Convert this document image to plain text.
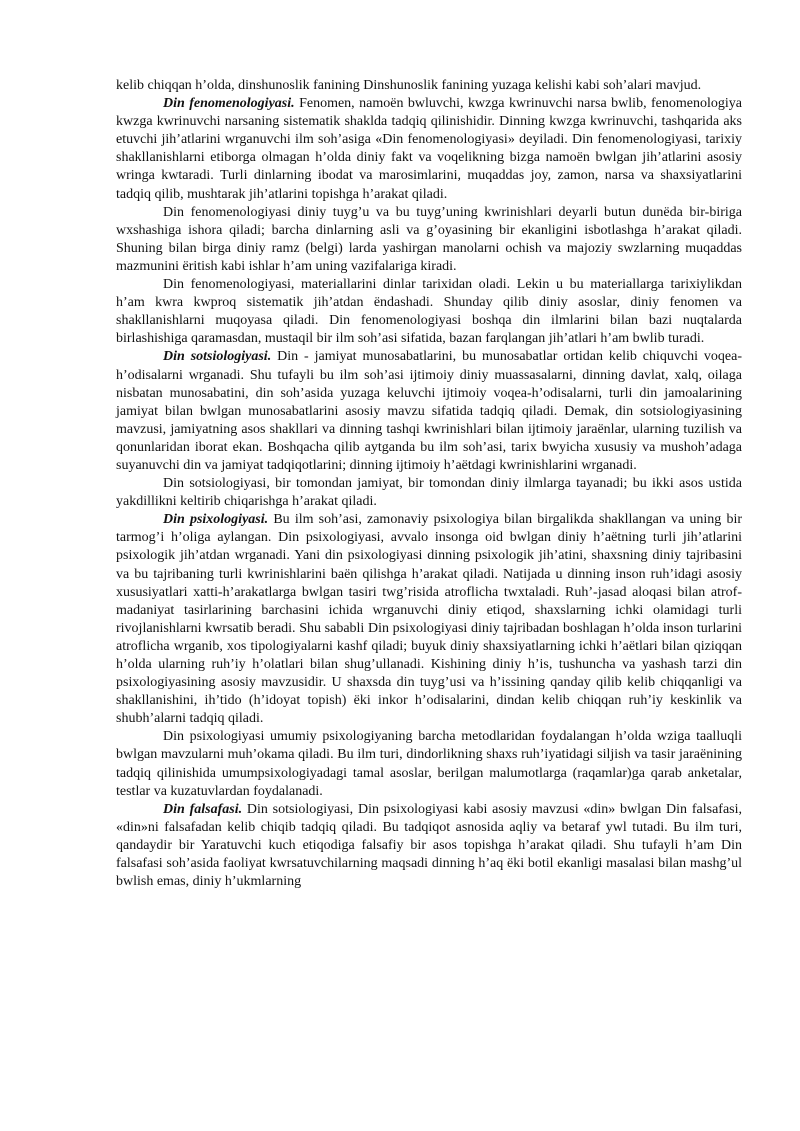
kelib chiqqan h’olda, dinshunoslik fanining Dinshunoslik fanining yuzaga kelishi kabi soh’alari mavjud.

Din fenomenologiyasi. Fenomen, namoёn bwluvchi, kwzga kwrinuvchi narsa bwlib, fenomenologiya kwzga kwrinuvchi narsaning sistematik shaklda tadqiq qilinishidir. Dinning kwzga kwrinuvchi, tashqarida aks etuvchi jih’atlarini wrganuvchi ilm soh’asiga «Din fenomenologiyasi» deyiladi. Din fenomenologiyasi, tarixiy shakllanishlarni etiborga olmagan h’olda diniy fakt va voqelikning bizga namoёn bwlgan jih’atlarini asosiy wringa kwtaradi. Turli dinlarning ibodat va marosimlarini, muqaddas joy, zamon, narsa va shaxsiyatlarini tadqiq qilib, mushtarak jih’atlarini topishga h’arakat qiladi.

Din fenomenologiyasi diniy tuyg’u va bu tuyg’uning kwrinishlari deyarli butun dunёda bir-biriga wxshashiga ishora qiladi; barcha dinlarning asli va g’oyasining bir ekanligini isbotlashga h’arakat qiladi. Shuning bilan birga diniy ramz (belgi) larda yashirgan manolarni ochish va majoziy swzlarning muqaddas mazmunini ёritish kabi ishlar h’am uning vazifalariga kiradi.

Din fenomenologiyasi, materiallarini dinlar tarixidan oladi. Lekin u bu materiallarga tarixiylikdan h’am kwra kwproq sistematik jih’atdan ёndashadi. Shunday qilib diniy asoslar, diniy fenomen va shakllanishlarni muqoyasa qiladi. Din fenomenologiyasi boshqa din ilmlarini bilan bazi nuqtalarda birlashishiga qaramasdan, mustaqil bir ilm soh’asi sifatida, bazan farqlangan jih’atlari h’am bwlib turadi.

Din sotsiologiyasi. Din - jamiyat munosabatlarini, bu munosabatlar ortidan kelib chiquvchi voqea-h’odisalarni wrganadi. Shu tufayli bu ilm soh’asi ijtimoiy diniy muassasalarni, dinning davlat, xalq, oilaga nisbatan munosabatini, din soh’asida yuzaga keluvchi ijtimoiy voqea-h’odisalarni, turli din jamoalarining jamiyat bilan bwlgan munosabatlarini asosiy mavzu sifatida tadqiq qiladi. Demak, din sotsiologiyasining mavzusi, jamiyatning asos shakllari va dinning tashqi kwrinishlari bilan ijtimoiy jaraёnlar, ularning tuzilish va qonunlaridan iborat ekan. Boshqacha qilib aytganda bu ilm soh’asi, tarix bwyicha xususiy va mushoh’adaga suyanuvchi din va jamiyat tadqiqotlarini; dinning ijtimoiy h’aёtdagi kwrinishlarini wrganadi.

Din sotsiologiyasi, bir tomondan jamiyat, bir tomondan diniy ilmlarga tayanadi; bu ikki asos ustida yakdillikni keltirib chiqarishga h’arakat qiladi.

Din psixologiyasi. Bu ilm soh’asi, zamonaviy psixologiya bilan birgalikda shakllangan va uning bir tarmog’i h’oliga aylangan. Din psixologiyasi, avvalo insonga oid bwlgan diniy h’aёtning turli jih’atlarini psixologik jih’atdan wrganadi. Yani din psixologiyasi dinning psixologik jih’atini, shaxsning diniy tajribasini va bu tajribaning turli kwrinishlarini baёn qilishga h’arakat qiladi. Natijada u dinning inson ruh’idagi asosiy xususiyatlari xatti-h’arakatlarga bwlgan tasiri twg’risida atroflicha twxtaladi. Ruh’-jasad aloqasi bilan atrof-madaniyat tasirlarining barchasini ichida wrganuvchi diniy etiqod, shaxslarning ichki olamidagi turli rivojlanishlarni kwrsatib beradi. Shu sababli Din psixologiyasi diniy tajribadan boshlagan h’olda inson turlarini atroflicha wrganib, xos tipologiyalarni kashf qiladi; buyuk diniy shaxsiyatlarning ichki h’aёtlari bilan qiziqqan h’olda ularning ruh’iy h’olatlari bilan shug’ullanadi. Kishining diniy h’is, tushuncha va yashash tarzi din psixologiyasining asosiy mavzusidir. U shaxsda din tuyg’usi va h’issining qanday qilib kelib chiqqanligi va shakllanishini, ih’tido (h’idoyat topish) ёki inkor h’odisalarini, dindan kelib chiqqan ruh’iy keskinlik va shubh’alarni tadqiq qiladi.

Din psixologiyasi umumiy psixologiyaning barcha metodlaridan foydalangan h’olda wziga taalluqli bwlgan mavzularni muh’okama qiladi. Bu ilm turi, dindorlikning shaxs ruh’iyatidagi siljish va tasir jaraёnining tadqiq qilinishida umumpsixologiyadagi tamal asoslar, berilgan malumotlarga (raqamlar)ga qarab anketalar, testlar va kuzatuvlardan foydalanadi.

Din falsafasi. Din sotsiologiyasi, Din psixologiyasi kabi asosiy mavzusi «din» bwlgan Din falsafasi, «din»ni falsafadan kelib chiqib tadqiq qiladi. Bu tadqiqot asnosida aqliy va betaraf ywl tutadi. Bu ilm turi, qandaydir bir Yaratuvchi kuch etiqodiga falsafiy bir asos topishga h’arakat qiladi. Shu tufayli h’am Din falsafasi soh’asida faoliyat kwrsatuvchilarning maqsadi dinning h’aq ёki botil ekanligi masalasi bilan mashg’ul bwlish emas, diniy h’ukmlarning
